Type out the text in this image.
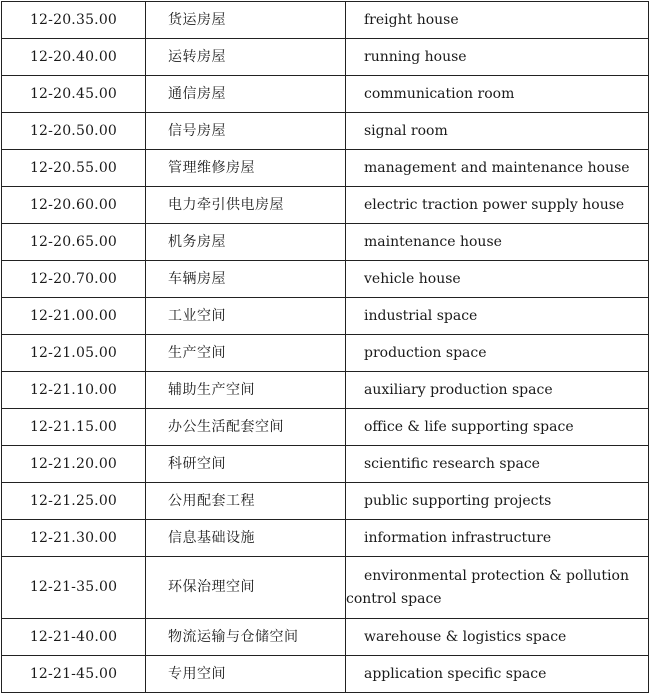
12-20.35.00	货运房屋	freight house
12-20.40.00	运转房屋	running house
12-20.45.00	通信房屋	communication room
12-20.50.00	信号房屋	signal room
12-20.55.00	管理维修房屋	management and maintenance house
12-20.60.00	电力牵引供电房屋	electric traction power supply house
12-20.65.00	机务房屋	maintenance house
12-20.70.00	车辆房屋	vehicle house
12-21.00.00	工业空间	industrial space
12-21.05.00	生产空间	production space
12-21.10.00	辅助生产空间	auxiliary production space
12-21.15.00	办公生活配套空间	office & life supporting space
12-21.20.00	科研空间	scientific research space
12-21.25.00	公用配套工程	public supporting projects
12-21.30.00	信息基础设施	information infrastructure
12-21-35.00	环保治理空间	environmental protection & pollution
control space

12-21-40.00	物流运输与仓储空间	warehouse & logistics space
12-21-45.00	专用空间	application specific space
